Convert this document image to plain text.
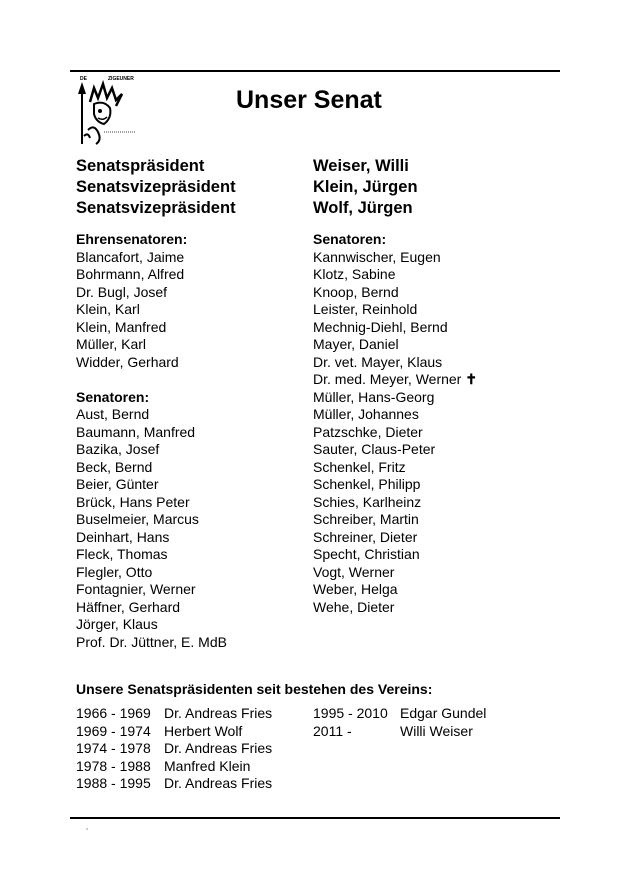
DE	ZIGEUNER
Unser Senat
Senatspräsident
Senatsvizepräsident
Senatsvizepräsident
Weiser, Willi
Klein, Jürgen
Wolf, Jürgen
Ehrensenatoren:
Blancafort, Jaime
Bohrmann, Alfred
Dr. Bugl, Josef
Klein, Karl
Klein, Manfred
Müller, Karl
Widder, Gerhard
Senatoren:
Aust, Bernd
Baumann, Manfred
Bazika, Josef
Beck, Bernd
Beier, Günter
Brück, Hans Peter
Buselmeier, Marcus
Deinhart, Hans
Fleck, Thomas
Flegler, Otto
Fontagnier, Werner
Häffner, Gerhard
Jörger, Klaus
Prof. Dr. Jüttner, E. MdB
Senatoren:
Kannwischer, Eugen
Klotz, Sabine
Knoop, Bernd
Leister, Reinhold
Mechnig-Diehl, Bernd
Mayer, Daniel
Dr. vet. Mayer, Klaus
Dr. med. Meyer, Werner ✝
Müller, Hans-Georg
Müller, Johannes
Patzschke, Dieter
Sauter, Claus-Peter
Schenkel, Fritz
Schenkel, Philipp
Schies, Karlheinz
Schreiber, Martin
Schreiner, Dieter
Specht, Christian
Vogt, Werner
Weber, Helga
Wehe, Dieter
Unsere Senatspräsidenten seit bestehen des Vereins:
1966 - 1969 Dr. Andreas Fries
1969 - 1974 Herbert Wolf
1974 - 1978 Dr. Andreas Fries
1978 - 1988 Manfred Klein
1988 - 1995 Dr. Andreas Fries
1995 - 2010 Edgar Gundel
2011 -	Willi Weiser
